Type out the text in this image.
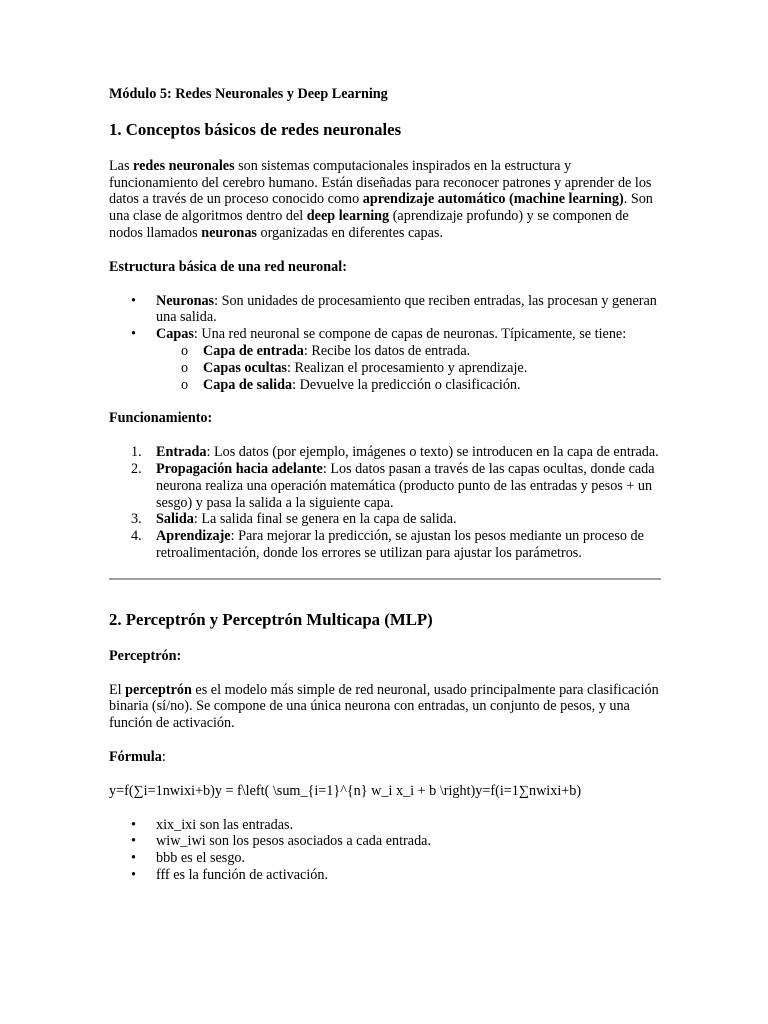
Módulo 5: Redes Neuronales y Deep Learning

1. Conceptos básicos de redes neuronales

Las redes neuronales son sistemas computacionales inspirados en la estructura y funcionamiento del cerebro humano. Están diseñadas para reconocer patrones y aprender de los datos a través de un proceso conocido como aprendizaje automático (machine learning). Son una clase de algoritmos dentro del deep learning (aprendizaje profundo) y se componen de nodos llamados neuronas organizadas en diferentes capas.

Estructura básica de una red neuronal:

• Neuronas: Son unidades de procesamiento que reciben entradas, las procesan y generan una salida.
• Capas: Una red neuronal se compone de capas de neuronas. Típicamente, se tiene:
o Capa de entrada: Recibe los datos de entrada.
o Capas ocultas: Realizan el procesamiento y aprendizaje.
o Capa de salida: Devuelve la predicción o clasificación.

Funcionamiento:

1. Entrada: Los datos (por ejemplo, imágenes o texto) se introducen en la capa de entrada.
2. Propagación hacia adelante: Los datos pasan a través de las capas ocultas, donde cada neurona realiza una operación matemática (producto punto de las entradas y pesos + un sesgo) y pasa la salida a la siguiente capa.
3. Salida: La salida final se genera en la capa de salida.
4. Aprendizaje: Para mejorar la predicción, se ajustan los pesos mediante un proceso de retroalimentación, donde los errores se utilizan para ajustar los parámetros.
2. Perceptrón y Perceptrón Multicapa (MLP)

Perceptrón:

El perceptrón es el modelo más simple de red neuronal, usado principalmente para clasificación binaria (sí/no). Se compone de una única neurona con entradas, un conjunto de pesos, y una función de activación.

Fórmula:

y=f(∑i=1nwixi+b)y = f\left( \sum_{i=1}^{n} w_i x_i + b \right)y=f(i=1∑nwixi+b)

• xix_ixi son las entradas.
• wiw_iwi son los pesos asociados a cada entrada.
• bbb es el sesgo.
• fff es la función de activación.
